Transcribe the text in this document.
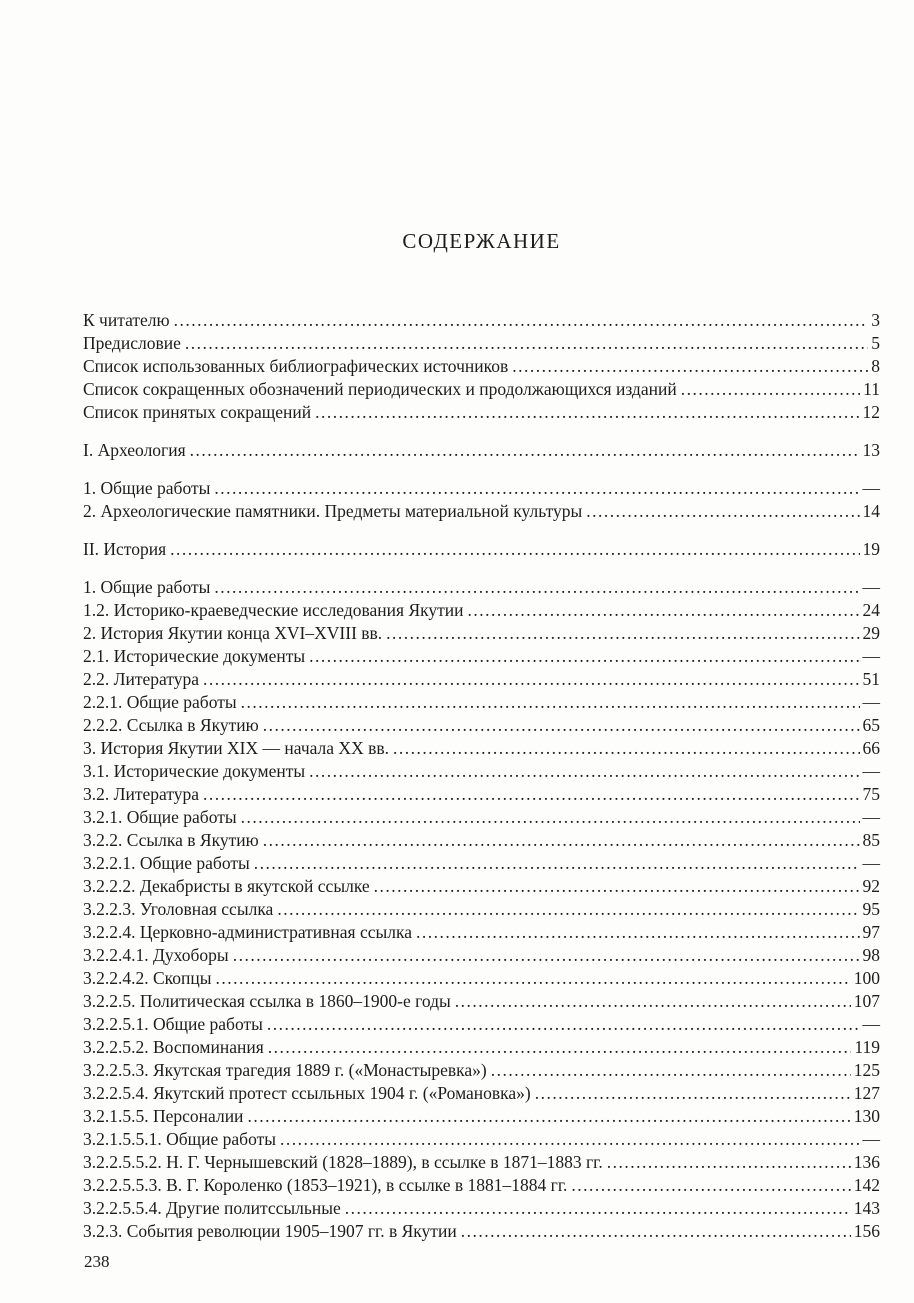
СОДЕРЖАНИЕ
К читателю .....	3
Предисловие .....	5
Список использованных библиографических источников .....	8
Список сокращенных обозначений периодических и продолжающихся изданий .....	11
Список принятых сокращений .....	12
I. Археология .....	13
1. Общие работы .....	—
2. Археологические памятники. Предметы материальной культуры .....	14
II. История .....	19
1. Общие работы .....	—
1.2. Историко-краеведческие исследования Якутии .....	24
2. История Якутии конца XVI–XVIII вв. .....	29
2.1. Исторические документы .....	—
2.2. Литература .....	51
2.2.1. Общие работы .....	—
2.2.2. Ссылка в Якутию .....	65
3. История Якутии XIX — начала XX вв. .....	66
3.1. Исторические документы .....	—
3.2. Литература .....	75
3.2.1. Общие работы .....	—
3.2.2. Ссылка в Якутию .....	85
3.2.2.1. Общие работы .....	—
3.2.2.2. Декабристы в якутской ссылке .....	92
3.2.2.3. Уголовная ссылка .....	95
3.2.2.4. Церковно-административная ссылка .....	97
3.2.2.4.1. Духоборы .....	98
3.2.2.4.2. Скопцы .....	100
3.2.2.5. Политическая ссылка в 1860–1900-е годы .....	107
3.2.2.5.1. Общие работы .....	—
3.2.2.5.2. Воспоминания .....	119
3.2.2.5.3. Якутская трагедия 1889 г. («Монастыревка») .....	125
3.2.2.5.4. Якутский протест ссыльных 1904 г. («Романовка») .....	127
3.2.1.5.5. Персоналии .....	130
3.2.1.5.5.1. Общие работы .....	—
3.2.2.5.5.2. Н. Г. Чернышевский (1828–1889), в ссылке в 1871–1883 гг. .....	136
3.2.2.5.5.3. В. Г. Короленко (1853–1921), в ссылке в 1881–1884 гг. .....	142
3.2.2.5.5.4. Другие политссыльные .....	143
3.2.3. События революции 1905–1907 гг. в Якутии .....	156
238
